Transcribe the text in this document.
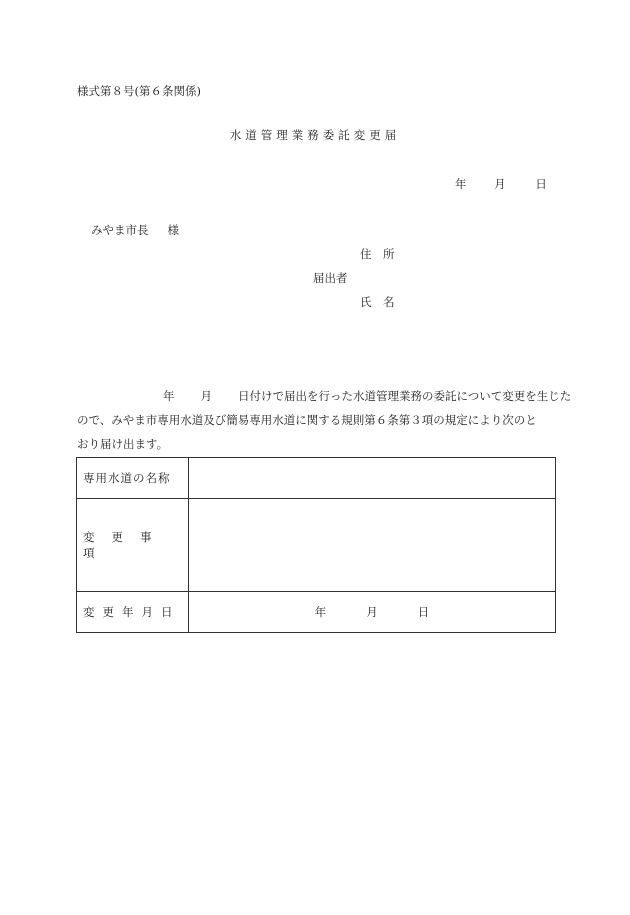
様式第８号(第６条関係)
水道管理業務委託変更届
年 月	日
みやま市長 様
住　所
届出者
氏　名
年 月 日付けで届出を行った水道管理業務の委託について変更を生じた
ので、みやま市専用水道及び簡易専用水道に関する規則第６条第３項の規定により次のと
おり届け出ます。
専用水道の名称	
変更事項	
変更年月日	年 月 日
